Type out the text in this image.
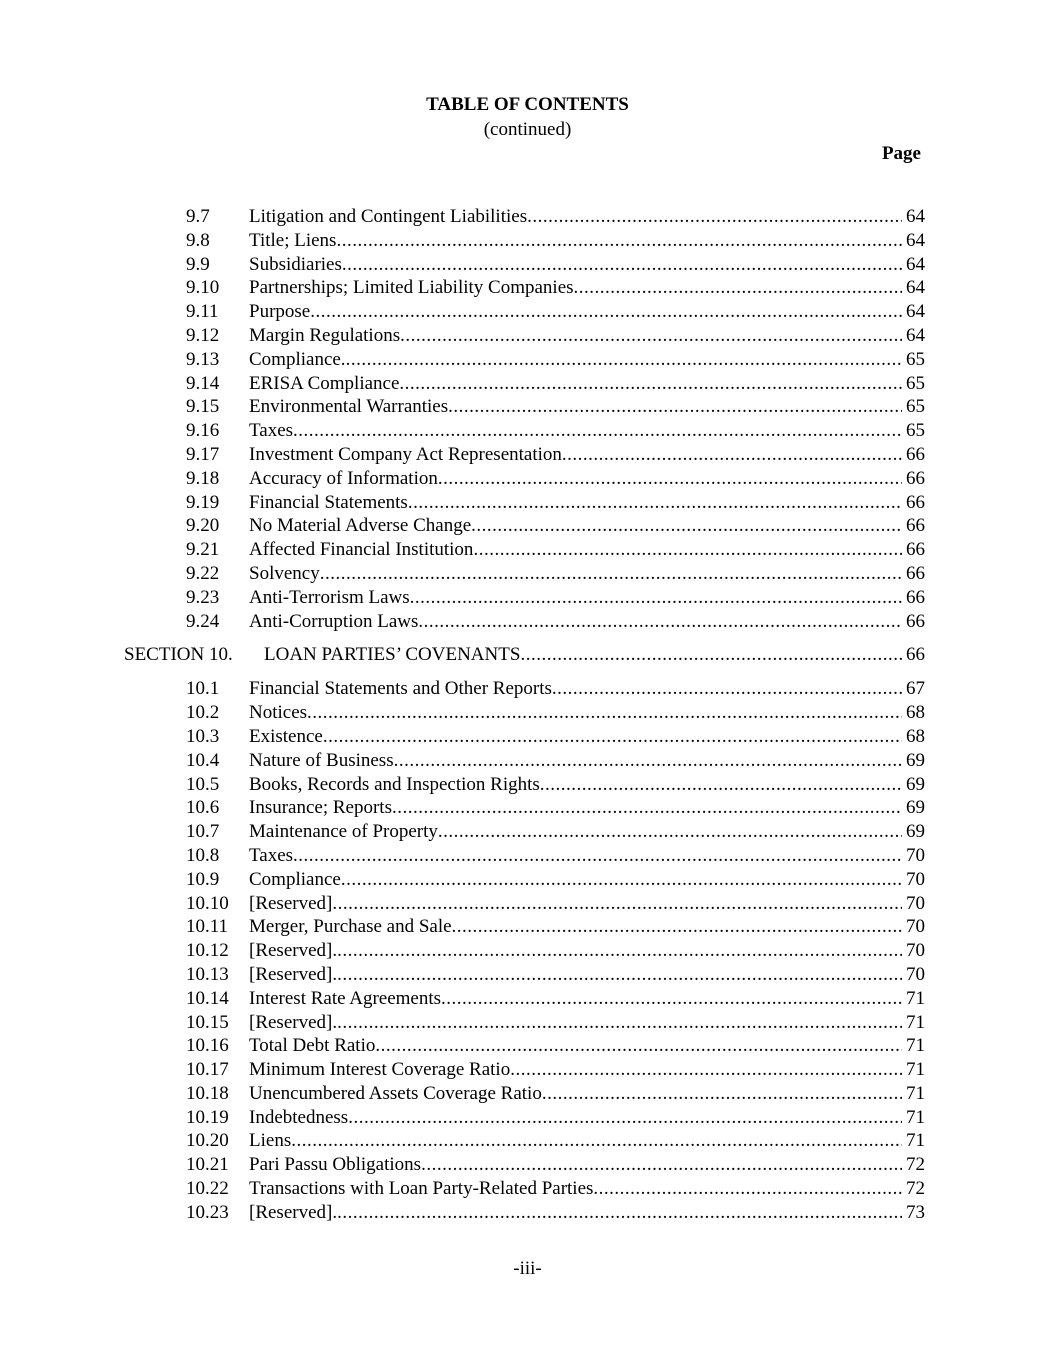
TABLE OF CONTENTS
(continued)
Page
9.7 Litigation and Contingent Liabilities .....	64
9.8 Title; Liens .....	64
9.9 Subsidiaries .....	64
9.10 Partnerships; Limited Liability Companies .....	64
9.11 Purpose .....	64
9.12 Margin Regulations .....	64
9.13 Compliance. .....	65
9.14 ERISA Compliance .....	65
9.15 Environmental Warranties .....	65
9.16 Taxes .....	65
9.17 Investment Company Act Representation .....	66
9.18 Accuracy of Information .....	66
9.19 Financial Statements .....	66
9.20 No Material Adverse Change .....	66
9.21 Affected Financial Institution .....	66
9.22 Solvency .....	66
9.23 Anti-Terrorism Laws .....	66
9.24 Anti-Corruption Laws .....	66
SECTION 10. LOAN PARTIES’ COVENANTS .....	66
10.1 Financial Statements and Other Reports .....	67
10.2 Notices .....	68
10.3 Existence .....	68
10.4 Nature of Business .....	69
10.5 Books, Records and Inspection Rights .....	69
10.6 Insurance; Reports .....	69
10.7 Maintenance of Property .....	69
10.8 Taxes .....	70
10.9 Compliance .....	70
10.10 [Reserved] .....	70
10.11 Merger, Purchase and Sale .....	70
10.12 [Reserved]. .....	70
10.13 [Reserved]. .....	70
10.14 Interest Rate Agreements .....	71
10.15 [Reserved]. .....	71
10.16 Total Debt Ratio .....	71
10.17 Minimum Interest Coverage Ratio .....	71
10.18 Unencumbered Assets Coverage Ratio .....	71
10.19 Indebtedness .....	71
10.20 Liens .....	71
10.21 Pari Passu Obligations .....	72
10.22 Transactions with Loan Party-Related Parties .....	72
10.23 [Reserved]. .....	73
-iii-
